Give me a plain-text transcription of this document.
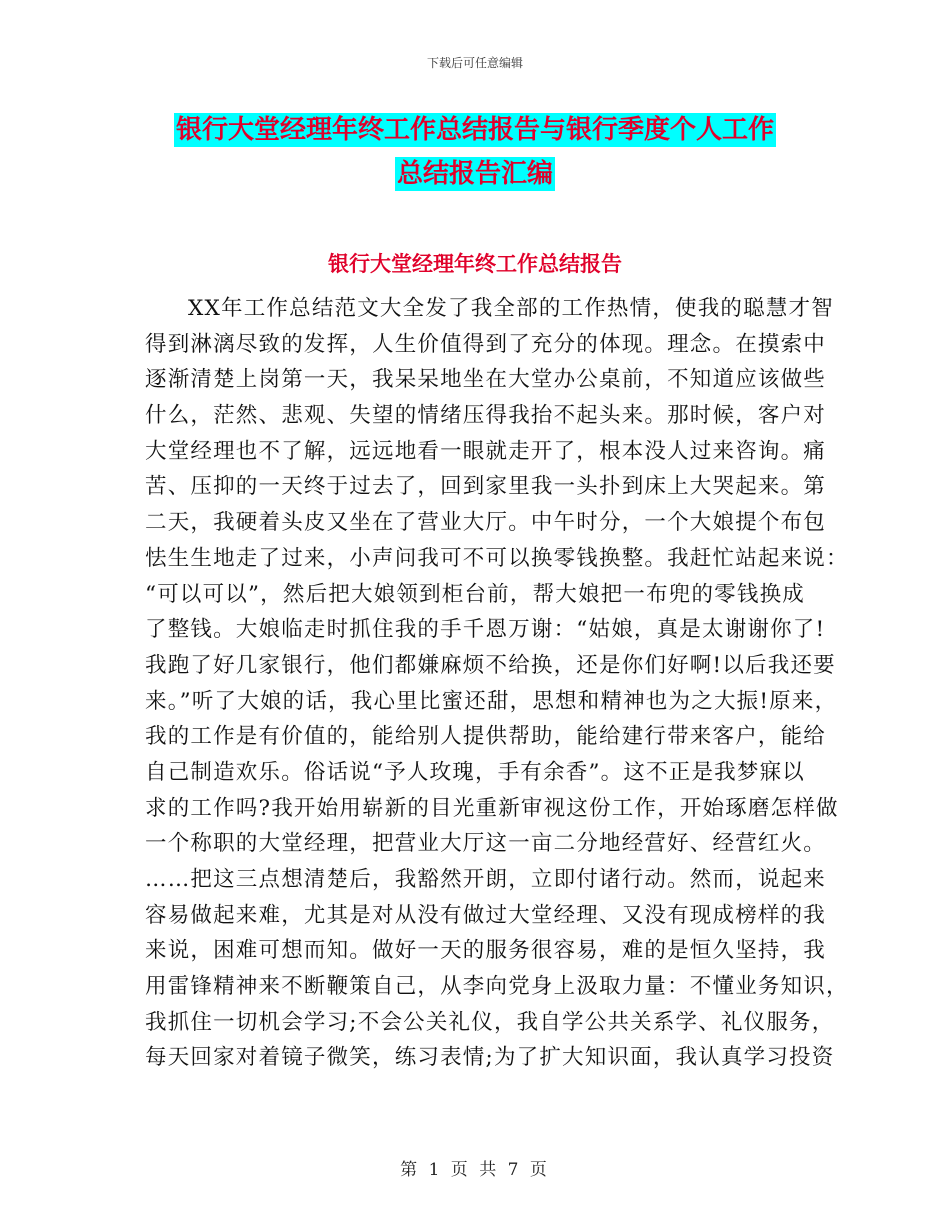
下载后可任意编辑
银行大堂经理年终工作总结报告与银行季度个人工作
总结报告汇编
银行大堂经理年终工作总结报告
XX年工作总结范文大全发了我全部的工作热情，使我的聪慧才智
得到淋漓尽致的发挥，人生价值得到了充分的体现。理念。在摸索中
逐渐清楚上岗第一天，我呆呆地坐在大堂办公桌前，不知道应该做些
什么，茫然、悲观、失望的情绪压得我抬不起头来。那时候，客户对
大堂经理也不了解，远远地看一眼就走开了，根本没人过来咨询。痛
苦、压抑的一天终于过去了，回到家里我一头扑到床上大哭起来。第
二天，我硬着头皮又坐在了营业大厅。中午时分，一个大娘提个布包
怯生生地走了过来，小声问我可不可以换零钱换整。我赶忙站起来说：
“可以可以”，然后把大娘领到柜台前，帮大娘把一布兜的零钱换成
了整钱。大娘临走时抓住我的手千恩万谢：“姑娘，真是太谢谢你了!
我跑了好几家银行，他们都嫌麻烦不给换，还是你们好啊!以后我还要
来。”听了大娘的话，我心里比蜜还甜，思想和精神也为之大振!原来，
我的工作是有价值的，能给别人提供帮助，能给建行带来客户，能给
自己制造欢乐。俗话说“予人玫瑰，手有余香”。这不正是我梦寐以
求的工作吗?我开始用崭新的目光重新审视这份工作，开始琢磨怎样做
一个称职的大堂经理，把营业大厅这一亩二分地经营好、经营红火。
……把这三点想清楚后，我豁然开朗，立即付诸行动。然而，说起来
容易做起来难，尤其是对从没有做过大堂经理、又没有现成榜样的我
来说，困难可想而知。做好一天的服务很容易，难的是恒久坚持，我
用雷锋精神来不断鞭策自己，从李向党身上汲取力量：不懂业务知识，
我抓住一切机会学习;不会公关礼仪，我自学公共关系学、礼仪服务，
每天回家对着镜子微笑，练习表情;为了扩大知识面，我认真学习投资
第 1 页 共 7 页
